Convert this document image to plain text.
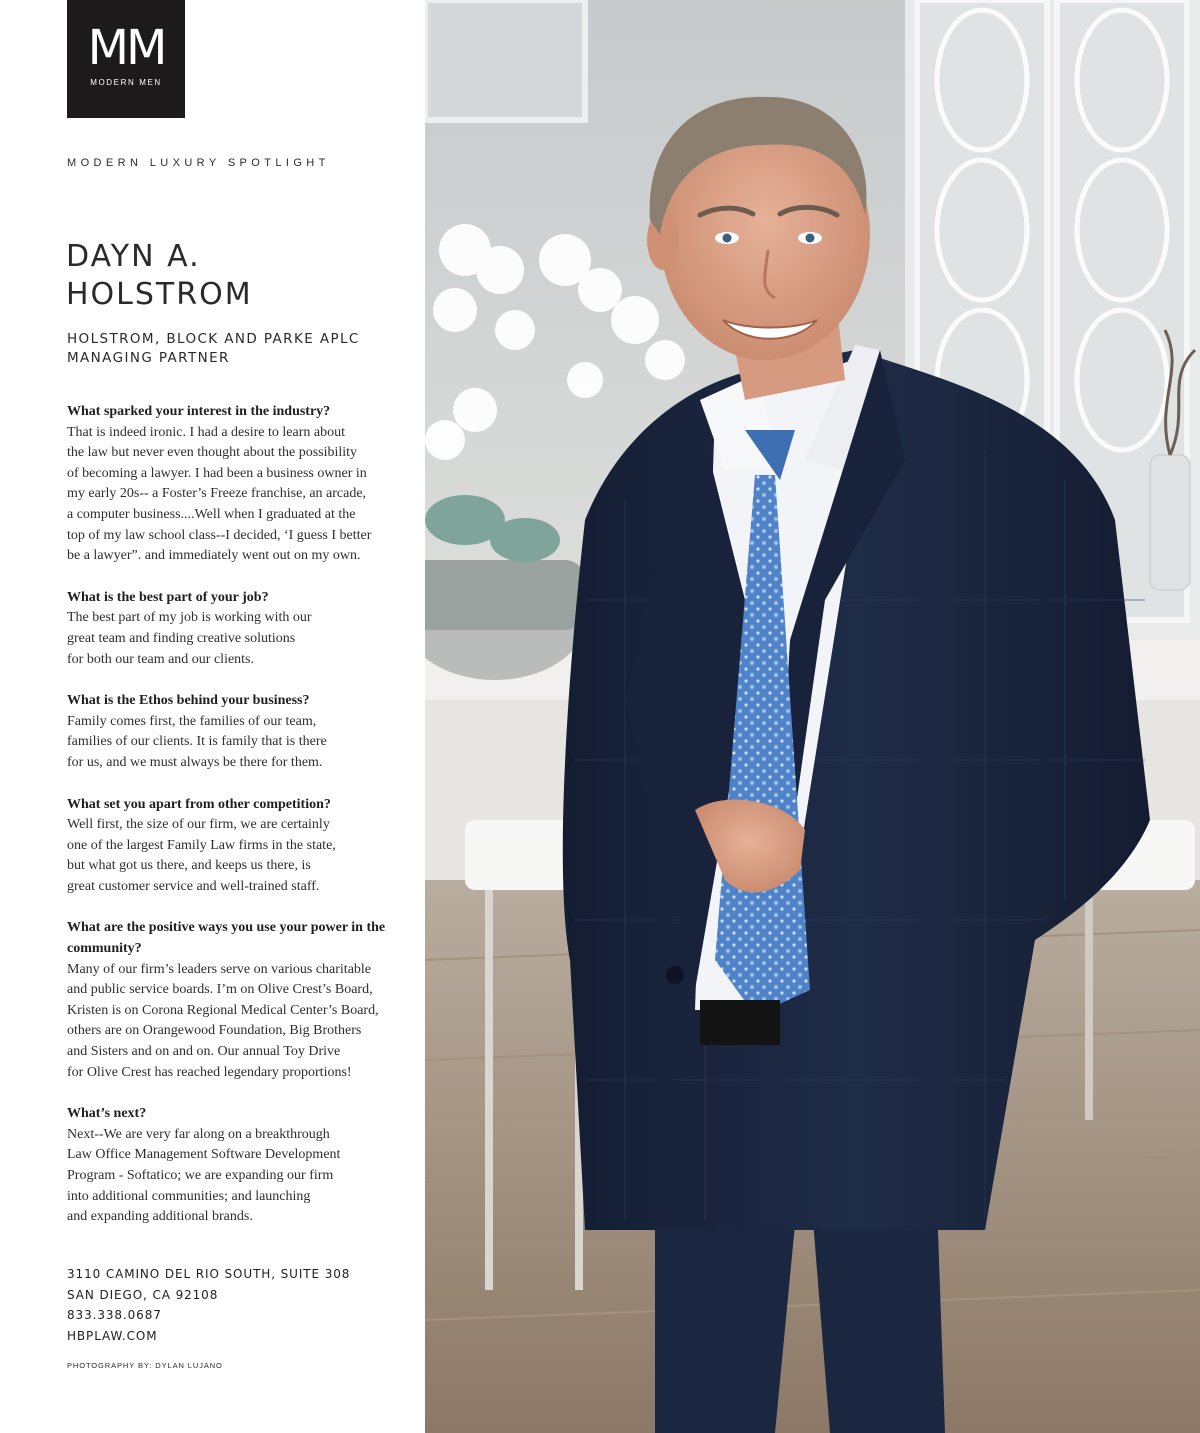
MM
MODERN MEN
MODERN LUXURY SPOTLIGHT
DAYN A.
HOLSTROM
HOLSTROM, BLOCK AND PARKE APLC
MANAGING PARTNER
What sparked your interest in the industry?
That is indeed ironic. I had a desire to learn about
the law but never even thought about the possibility
of becoming a lawyer. I had been a business owner in
my early 20s-- a Foster’s Freeze franchise, an arcade,
a computer business....Well when I graduated at the
top of my law school class--I decided, ‘I guess I better
be a lawyer”. and immediately went out on my own.
What is the best part of your job?
The best part of my job is working with our
great team and finding creative solutions
for both our team and our clients.
What is the Ethos behind your business?
Family comes first, the families of our team,
families of our clients. It is family that is there
for us, and we must always be there for them.
What set you apart from other competition?
Well first, the size of our firm, we are certainly
one of the largest Family Law firms in the state,
but what got us there, and keeps us there, is
great customer service and well-trained staff.
What are the positive ways you use your power in the community?
Many of our firm’s leaders serve on various charitable
and public service boards. I’m on Olive Crest’s Board,
Kristen is on Corona Regional Medical Center’s Board,
others are on Orangewood Foundation, Big Brothers
and Sisters and on and on. Our annual Toy Drive
for Olive Crest has reached legendary proportions!
What’s next?
Next--We are very far along on a breakthrough
Law Office Management Software Development
Program - Softatico; we are expanding our firm
into additional communities; and launching
and expanding additional brands.
3110 CAMINO DEL RIO SOUTH, SUITE 308
SAN DIEGO, CA 92108
833.338.0687
HBPLAW.COM
PHOTOGRAPHY BY: DYLAN LUJANO
